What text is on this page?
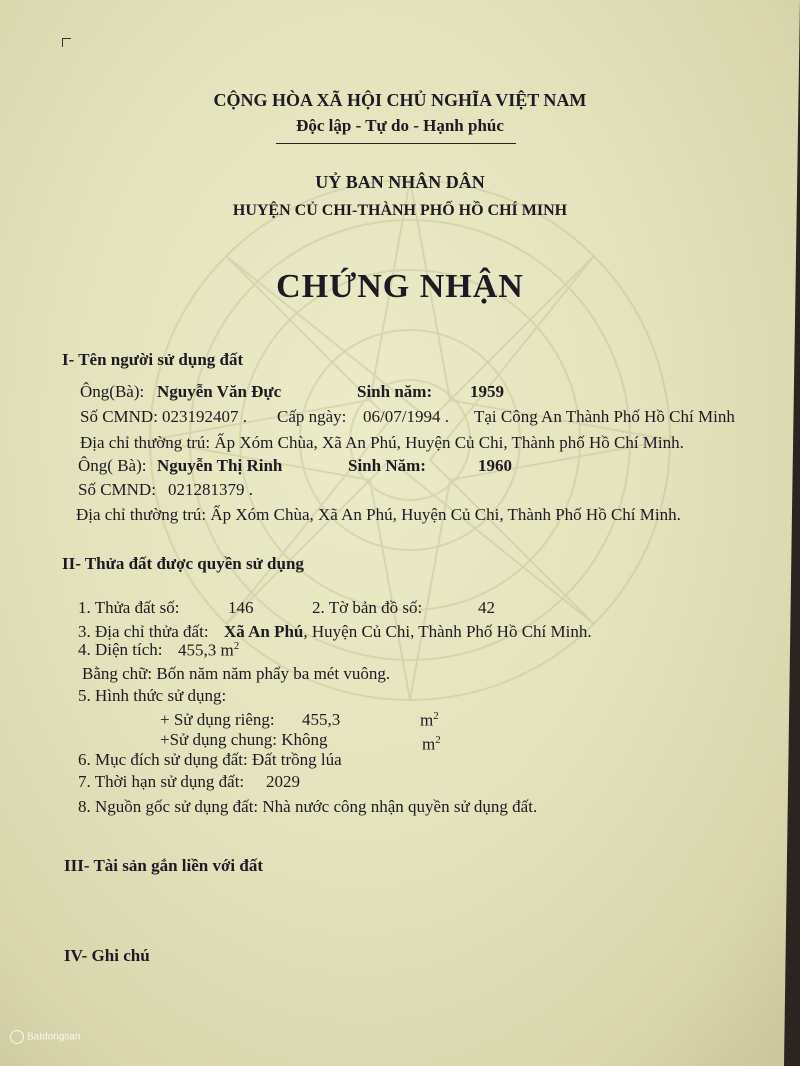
CỘNG HÒA XÃ HỘI CHỦ NGHĨA VIỆT NAM
Độc lập - Tự do - Hạnh phúc
UỶ BAN NHÂN DÂN
HUYỆN CỦ CHI-THÀNH PHỐ HỒ CHÍ MINH
CHỨNG NHẬN
I- Tên người sử dụng đất
Ông(Bà): Nguyễn Văn Đực	Sinh năm: 1959
Số CMND: 023192407 . Cấp ngày: 06/07/1994 . Tại Công An Thành Phố Hồ Chí Minh
Địa chỉ thường trú: Ấp Xóm Chùa, Xã An Phú, Huyện Củ Chi, Thành phố Hồ Chí Minh.
Ông( Bà): Nguyễn Thị Rinh	Sinh Năm:	1960
Số CMND: 021281379 .
Địa chỉ thường trú: Ấp Xóm Chùa, Xã An Phú, Huyện Củ Chi, Thành Phố Hồ Chí Minh.
II- Thửa đất được quyền sử dụng
1. Thửa đất số:	146	2. Tờ bản đồ số:	42
3. Địa chỉ thửa đất: Xã An Phú, Huyện Củ Chi, Thành Phố Hồ Chí Minh.
4. Diện tích: 455,3 $m^2$
Bằng chữ: Bốn năm năm phẩy ba mét vuông.
5. Hình thức sử dụng:
+ Sử dụng riêng: 455,3	$m^2$
+Sử dụng chung: Không	$m^2$
6. Mục đích sử dụng đất: Đất trồng lúa
7. Thời hạn sử dụng đất: 2029
8. Nguồn gốc sử dụng đất: Nhà nước công nhận quyền sử dụng đất.
III- Tài sản gắn liền với đất
IV- Ghi chú
Batdongsan
